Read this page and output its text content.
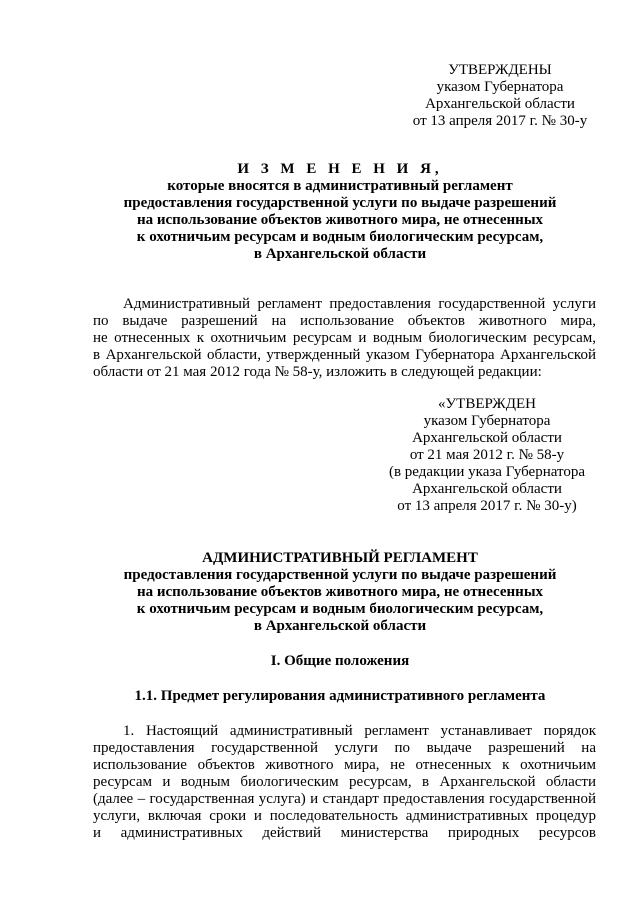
УТВЕРЖДЕНЫ
указом Губернатора
Архангельской области
от 13 апреля 2017 г. № 30-у
И З М Е Н Е Н И Я,
которые вносятся в административный регламент
предоставления государственной услуги по выдаче разрешений
на использование объектов животного мира, не отнесенных
к охотничьим ресурсам и водным биологическим ресурсам,
в Архангельской области
Административный регламент предоставления государственной услуги
по выдаче разрешений на использование объектов животного мира,
не отнесенных к охотничьим ресурсам и водным биологическим ресурсам,
в Архангельской области, утвержденный указом Губернатора Архангельской
области от 21 мая 2012 года № 58-у, изложить в следующей редакции:
«УТВЕРЖДЕН
указом Губернатора
Архангельской области
от 21 мая 2012 г. № 58-у
(в редакции указа Губернатора
Архангельской области
от 13 апреля 2017 г. № 30-у)
АДМИНИСТРАТИВНЫЙ РЕГЛАМЕНТ
предоставления государственной услуги по выдаче разрешений
на использование объектов животного мира, не отнесенных
к охотничьим ресурсам и водным биологическим ресурсам,
в Архангельской области
I. Общие положения
1.1. Предмет регулирования административного регламента
1. Настоящий административный регламент устанавливает порядок
предоставления государственной услуги по выдаче разрешений на
использование объектов животного мира, не отнесенных к охотничьим
ресурсам и водным биологическим ресурсам, в Архангельской области
(далее – государственная услуга) и стандарт предоставления государственной
услуги, включая сроки и последовательность административных процедур
и административных действий министерства природных ресурсов
